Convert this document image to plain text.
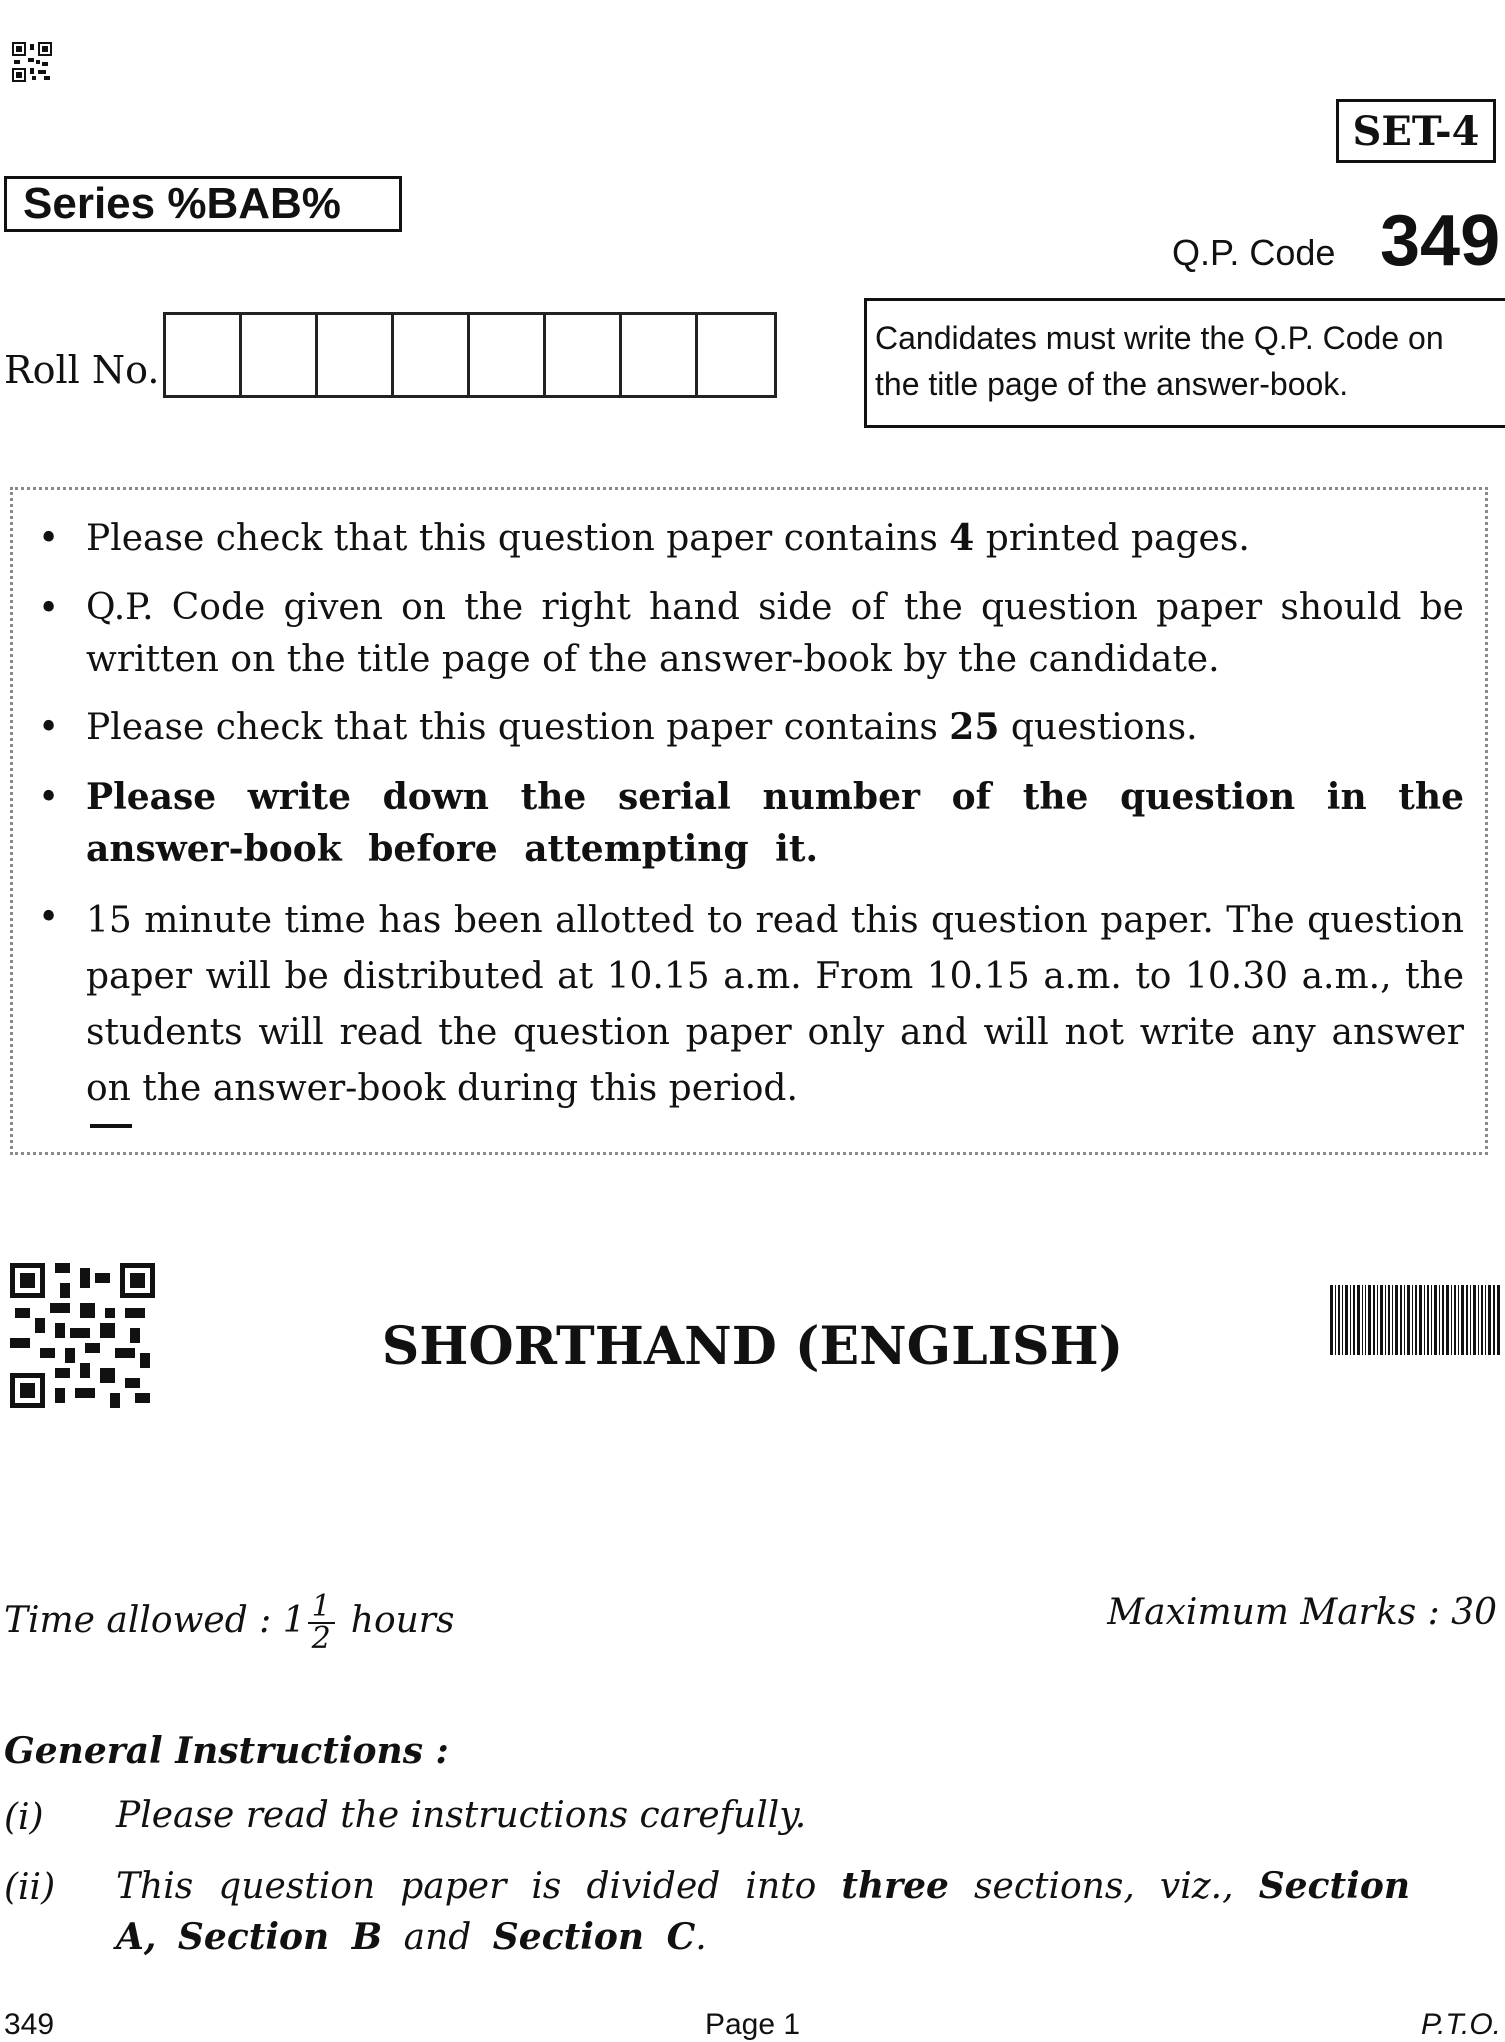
SET-4
Series %BAB%
Q.P. Code 349
Roll No.
Candidates must write the Q.P. Code on
the title page of the answer-book.
• Please check that this question paper contains 4 printed pages.
• Q.P. Code given on the right hand side of the question paper should be written on the title page of the answer-book by the candidate.
• Please check that this question paper contains 25 questions.
• Please write down the serial number of the question in the answer-book before attempting it.
• 15 minute time has been allotted to read this question paper. The question paper will be distributed at 10.15 a.m. From 10.15 a.m. to 10.30 a.m., the students will read the question paper only and will not write any answer on the answer-book during this period.
SHORTHAND (ENGLISH)
Time allowed : $1 \frac{1}{2}$ hours	Maximum Marks : 30
General Instructions :
(i) Please read the instructions carefully.
(ii) This question paper is divided into three sections, viz., Section A, Section B and Section C.
349	Page 1	P.T.O.
